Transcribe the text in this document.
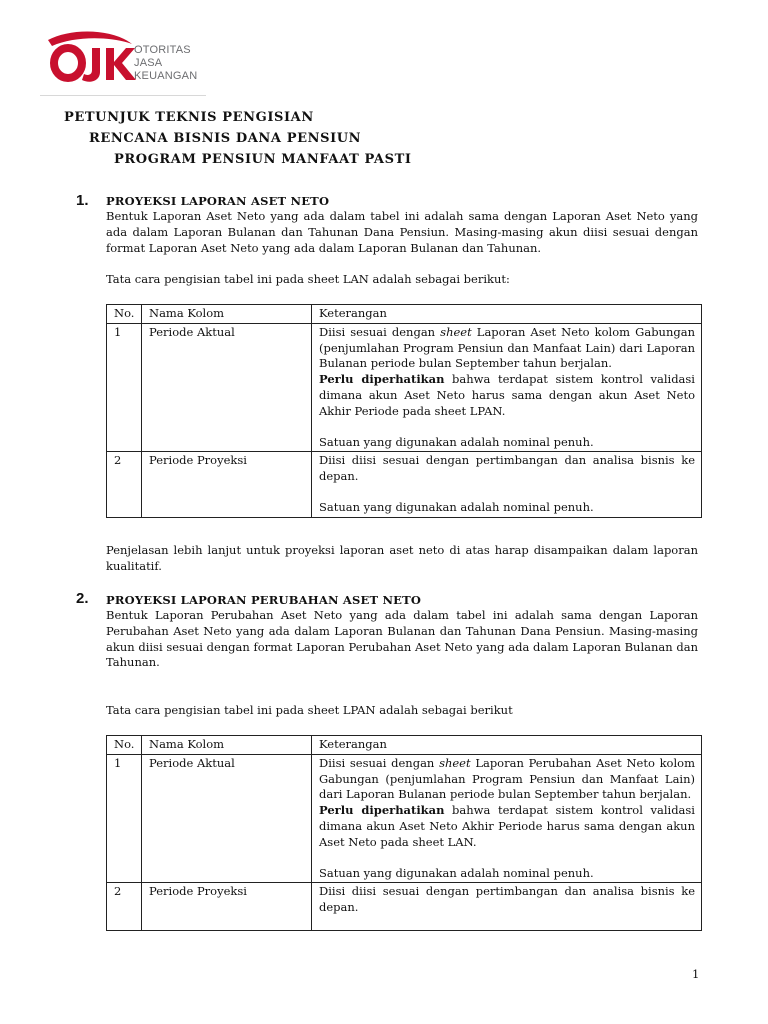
OTORITAS
JASA
KEUANGAN
PETUNJUK TEKNIS PENGISIAN
RENCANA BISNIS DANA PENSIUN
PROGRAM PENSIUN MANFAAT PASTI
1. PROYEKSI LAPORAN ASET NETO
Bentuk Laporan Aset Neto yang ada dalam tabel ini adalah sama dengan Laporan Aset Neto yang ada dalam Laporan Bulanan dan Tahunan Dana Pensiun. Masing-masing akun diisi sesuai dengan format Laporan Aset Neto yang ada dalam Laporan Bulanan dan Tahunan.
Tata cara pengisian tabel ini pada sheet LAN adalah sebagai berikut:
No.	Nama Kolom	Keterangan
1	Periode Aktual	Diisi sesuai dengan sheet Laporan Aset Neto kolom Gabungan (penjumlahan Program Pensiun dan Manfaat Lain) dari Laporan Bulanan periode bulan September tahun berjalan.

Perlu diperhatikan bahwa terdapat sistem kontrol validasi dimana akun Aset Neto harus sama dengan akun Aset Neto Akhir Periode pada sheet LPAN.

Satuan yang digunakan adalah nominal penuh.

2	Periode Proyeksi	Diisi diisi sesuai dengan pertimbangan dan analisa bisnis ke depan.

Satuan yang digunakan adalah nominal penuh.

Penjelasan lebih lanjut untuk proyeksi laporan aset neto di atas harap disampaikan dalam laporan kualitatif.
2. PROYEKSI LAPORAN PERUBAHAN ASET NETO
Bentuk Laporan Perubahan Aset Neto yang ada dalam tabel ini adalah sama dengan Laporan Perubahan Aset Neto yang ada dalam Laporan Bulanan dan Tahunan Dana Pensiun. Masing-masing akun diisi sesuai dengan format Laporan Perubahan Aset Neto yang ada dalam Laporan Bulanan dan Tahunan.
Tata cara pengisian tabel ini pada sheet LPAN adalah sebagai berikut
No.	Nama Kolom	Keterangan
1	Periode Aktual	Diisi sesuai dengan sheet Laporan Perubahan Aset Neto kolom Gabungan (penjumlahan Program Pensiun dan Manfaat Lain) dari Laporan Bulanan periode bulan September tahun berjalan.

Perlu diperhatikan bahwa terdapat sistem kontrol validasi dimana akun Aset Neto Akhir Periode harus sama dengan akun Aset Neto pada sheet LAN.

Satuan yang digunakan adalah nominal penuh.

2	Periode Proyeksi	Diisi diisi sesuai dengan pertimbangan dan analisa bisnis ke depan.

1
